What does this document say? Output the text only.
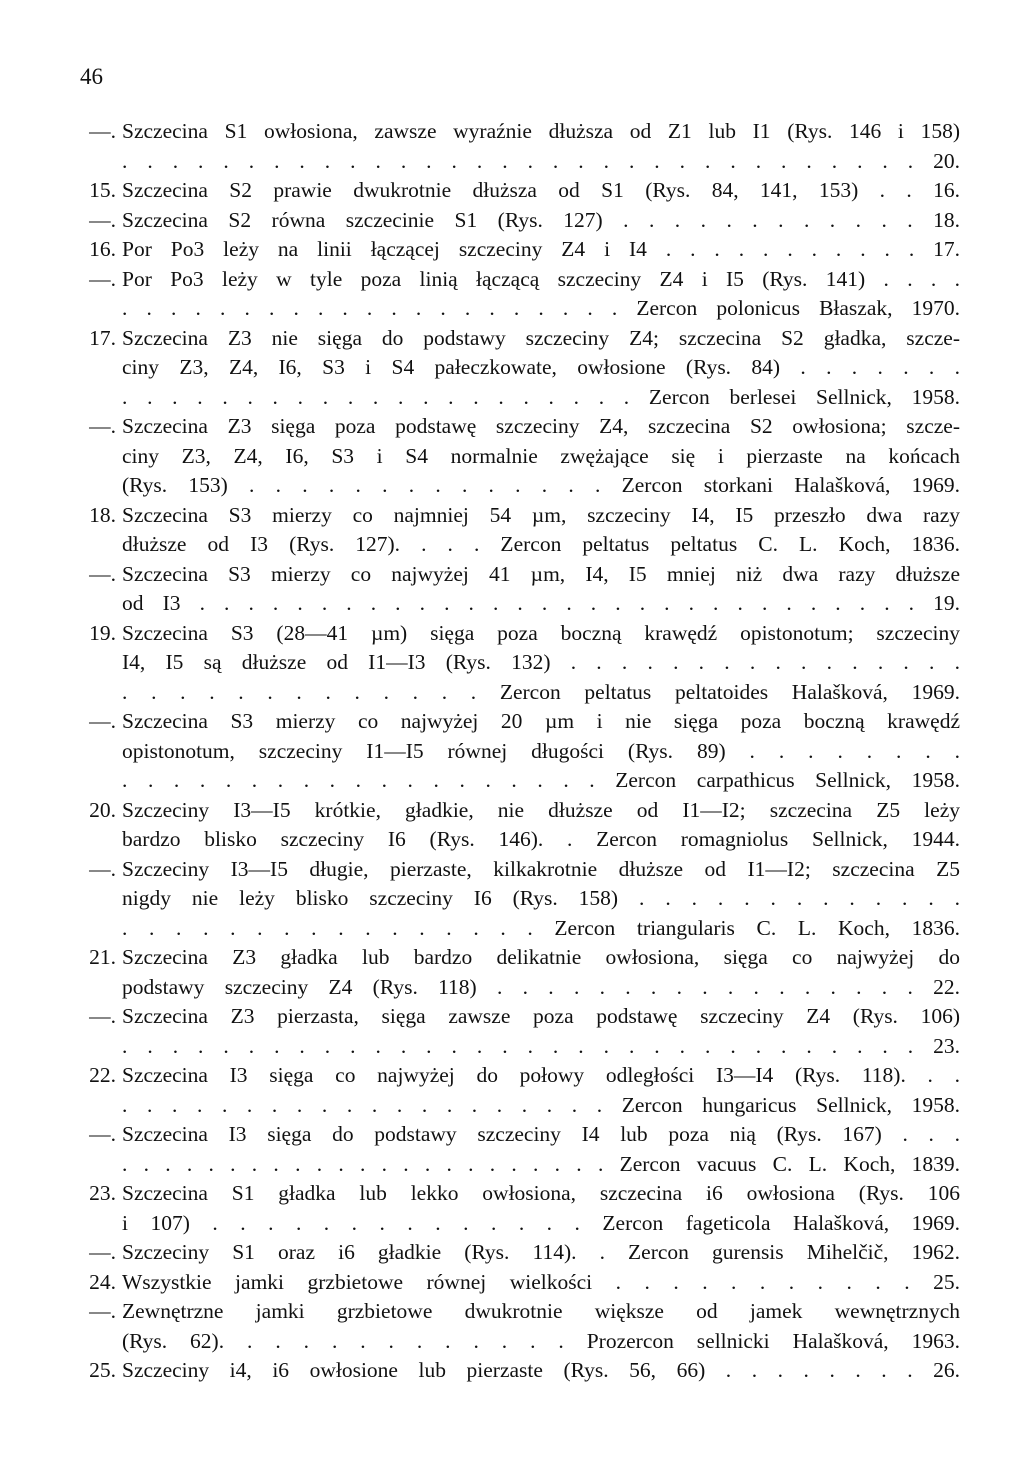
46
—. Szczecina S1 owłosiona, zawsze wyraźnie dłuższa od Z1 lub I1 (Rys. 146 i 158)
. . . . . . . . . . . . . . . . . . . . . . . . . . . . . . . . 20.
15. Szczecina S2 prawie dwukrotnie dłuższa od S1 (Rys. 84, 141, 153) . . 16.
—. Szczecina S2 równa szczecinie S1 (Rys. 127) . . . . . . . . . . . . 18.
16. Por Po3 leży na linii łączącej szczeciny Z4 i I4 . . . . . . . . . . . 17.
—. Por Po3 leży w tyle poza linią łączącą szczeciny Z4 i I5 (Rys. 141) . . . .
. . . . . . . . . . . . . . . . . . . . . Zercon polonicus Błaszak, 1970.
17. Szczecina Z3 nie sięga do podstawy szczeciny Z4; szczecina S2 gładka, szcze-
ciny Z3, Z4, I6, S3 i S4 pałeczkowate, owłosione (Rys. 84) . . . . . . .
. . . . . . . . . . . . . . . . . . . . . Zercon berlesei Sellnick, 1958.
—. Szczecina Z3 sięga poza podstawę szczeciny Z4, szczecina S2 owłosiona; szcze-
ciny Z3, Z4, I6, S3 i S4 normalnie zwężające się i pierzaste na końcach
(Rys. 153) . . . . . . . . . . . . . . Zercon storkani Halašková, 1969.
18. Szczecina S3 mierzy co najmniej 54 µm, szczeciny I4, I5 przeszło dwa razy
dłuższe od I3 (Rys. 127). . . . Zercon peltatus peltatus C. L. Koch, 1836.
—. Szczecina S3 mierzy co najwyżej 41 µm, I4, I5 mniej niż dwa razy dłuższe
od I3 . . . . . . . . . . . . . . . . . . . . . . . . . . . . . . 19.
19. Szczecina S3 (28—41 µm) sięga poza boczną krawędź opistonotum; szczeciny
I4, I5 są dłuższe od I1—I3 (Rys. 132) . . . . . . . . . . . . . . . .
. . . . . . . . . . . . . Zercon peltatus peltatoides Halašková, 1969.
—. Szczecina S3 mierzy co najwyżej 20 µm i nie sięga poza boczną krawędź
opistonotum, szczeciny I1—I5 równej długości (Rys. 89) . . . . . . . .
. . . . . . . . . . . . . . . . . . . Zercon carpathicus Sellnick, 1958.
20. Szczeciny I3—I5 krótkie, gładkie, nie dłuższe od I1—I2; szczecina Z5 leży
bardzo blisko szczeciny I6 (Rys. 146). . Zercon romagniolus Sellnick, 1944.
—. Szczeciny I3—I5 długie, pierzaste, kilkakrotnie dłuższe od I1—I2; szczecina Z5
nigdy nie leży blisko szczeciny I6 (Rys. 158) . . . . . . . . . . . . .
. . . . . . . . . . . . . . . . Zercon triangularis C. L. Koch, 1836.
21. Szczecina Z3 gładka lub bardzo delikatnie owłosiona, sięga co najwyżej do
podstawy szczeciny Z4 (Rys. 118) . . . . . . . . . . . . . . . . . 22.
—. Szczecina Z3 pierzasta, sięga zawsze poza podstawę szczeciny Z4 (Rys. 106)
. . . . . . . . . . . . . . . . . . . . . . . . . . . . . . . . 23.
22. Szczecina I3 sięga co najwyżej do połowy odległości I3—I4 (Rys. 118). . .
. . . . . . . . . . . . . . . . . . . . Zercon hungaricus Sellnick, 1958.
—. Szczecina I3 sięga do podstawy szczeciny I4 lub poza nią (Rys. 167) . . .
. . . . . . . . . . . . . . . . . . . . . . . Zercon vacuus C. L. Koch, 1839.
23. Szczecina S1 gładka lub lekko owłosiona, szczecina i6 owłosiona (Rys. 106
i 107) . . . . . . . . . . . . . . Zercon fageticola Halašková, 1969.
—. Szczeciny S1 oraz i6 gładkie (Rys. 114). . Zercon gurensis Mihelčič, 1962.
24. Wszystkie jamki grzbietowe równej wielkości . . . . . . . . . . . 25.
—. Zewnętrzne jamki grzbietowe dwukrotnie większe od jamek wewnętrznych
(Rys. 62). . . . . . . . . . . . . Prozercon sellnicki Halašková, 1963.
25. Szczeciny i4, i6 owłosione lub pierzaste (Rys. 56, 66) . . . . . . . . 26.
